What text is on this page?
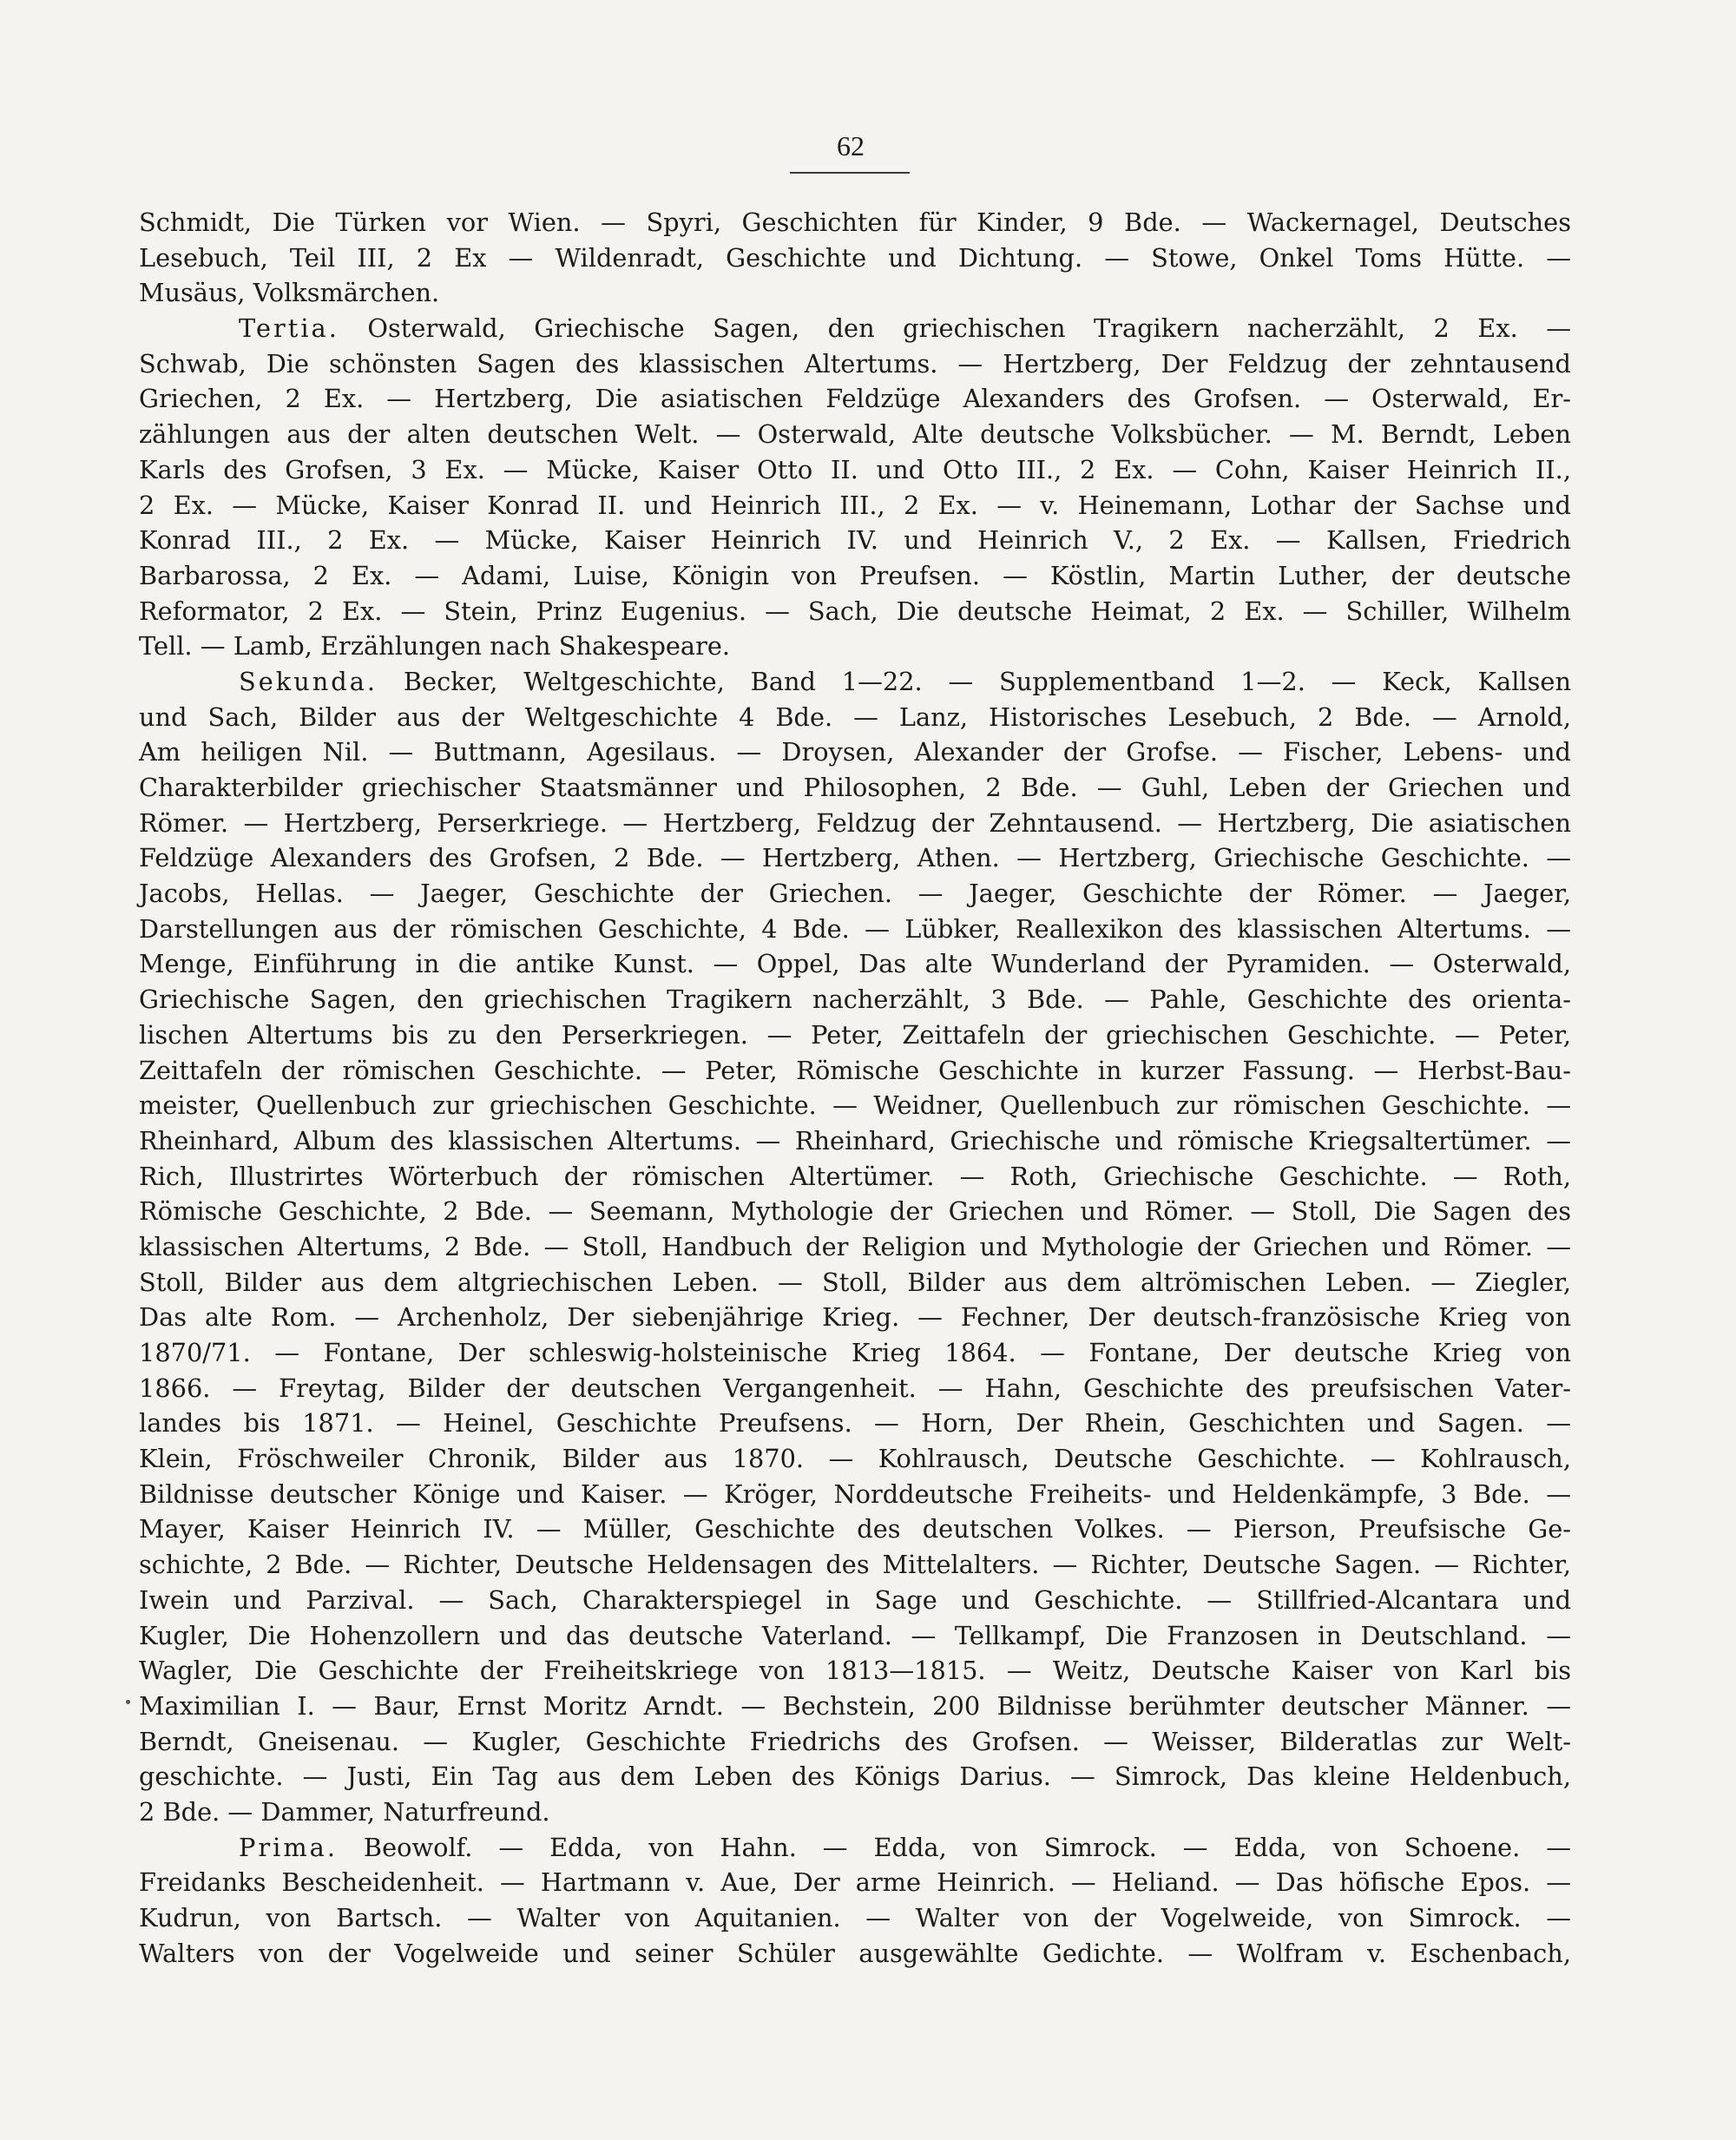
62
Schmidt, Die Türken vor Wien. — Spyri, Geschichten für Kinder, 9 Bde. — Wackernagel, Deutsches
Lesebuch, Teil III, 2 Ex — Wildenradt, Geschichte und Dichtung. — Stowe, Onkel Toms Hütte. —
Musäus, Volksmärchen.
Tertia. Osterwald, Griechische Sagen, den griechischen Tragikern nacherzählt, 2 Ex. —
Schwab, Die schönsten Sagen des klassischen Altertums. — Hertzberg, Der Feldzug der zehntausend
Griechen, 2 Ex. — Hertzberg, Die asiatischen Feldzüge Alexanders des Grofsen. — Osterwald, Er-
zählungen aus der alten deutschen Welt. — Osterwald, Alte deutsche Volksbücher. — M. Berndt, Leben
Karls des Grofsen, 3 Ex. — Mücke, Kaiser Otto II. und Otto III., 2 Ex. — Cohn, Kaiser Heinrich II.,
2 Ex. — Mücke, Kaiser Konrad II. und Heinrich III., 2 Ex. — v. Heinemann, Lothar der Sachse und
Konrad III., 2 Ex. — Mücke, Kaiser Heinrich IV. und Heinrich V., 2 Ex. — Kallsen, Friedrich
Barbarossa, 2 Ex. — Adami, Luise, Königin von Preufsen. — Köstlin, Martin Luther, der deutsche
Reformator, 2 Ex. — Stein, Prinz Eugenius. — Sach, Die deutsche Heimat, 2 Ex. — Schiller, Wilhelm
Tell. — Lamb, Erzählungen nach Shakespeare.
Sekunda. Becker, Weltgeschichte, Band 1—22. — Supplementband 1—2. — Keck, Kallsen
und Sach, Bilder aus der Weltgeschichte 4 Bde. — Lanz, Historisches Lesebuch, 2 Bde. — Arnold,
Am heiligen Nil. — Buttmann, Agesilaus. — Droysen, Alexander der Grofse. — Fischer, Lebens- und
Charakterbilder griechischer Staatsmänner und Philosophen, 2 Bde. — Guhl, Leben der Griechen und
Römer. — Hertzberg, Perserkriege. — Hertzberg, Feldzug der Zehntausend. — Hertzberg, Die asiatischen
Feldzüge Alexanders des Grofsen, 2 Bde. — Hertzberg, Athen. — Hertzberg, Griechische Geschichte. —
Jacobs, Hellas. — Jaeger, Geschichte der Griechen. — Jaeger, Geschichte der Römer. — Jaeger,
Darstellungen aus der römischen Geschichte, 4 Bde. — Lübker, Reallexikon des klassischen Altertums. —
Menge, Einführung in die antike Kunst. — Oppel, Das alte Wunderland der Pyramiden. — Osterwald,
Griechische Sagen, den griechischen Tragikern nacherzählt, 3 Bde. — Pahle, Geschichte des orienta-
lischen Altertums bis zu den Perserkriegen. — Peter, Zeittafeln der griechischen Geschichte. — Peter,
Zeittafeln der römischen Geschichte. — Peter, Römische Geschichte in kurzer Fassung. — Herbst-Bau-
meister, Quellenbuch zur griechischen Geschichte. — Weidner, Quellenbuch zur römischen Geschichte. —
Rheinhard, Album des klassischen Altertums. — Rheinhard, Griechische und römische Kriegsaltertümer. —
Rich, Illustrirtes Wörterbuch der römischen Altertümer. — Roth, Griechische Geschichte. — Roth,
Römische Geschichte, 2 Bde. — Seemann, Mythologie der Griechen und Römer. — Stoll, Die Sagen des
klassischen Altertums, 2 Bde. — Stoll, Handbuch der Religion und Mythologie der Griechen und Römer. —
Stoll, Bilder aus dem altgriechischen Leben. — Stoll, Bilder aus dem altrömischen Leben. — Ziegler,
Das alte Rom. — Archenholz, Der siebenjährige Krieg. — Fechner, Der deutsch-französische Krieg von
1870/71. — Fontane, Der schleswig-holsteinische Krieg 1864. — Fontane, Der deutsche Krieg von
1866. — Freytag, Bilder der deutschen Vergangenheit. — Hahn, Geschichte des preufsischen Vater-
landes bis 1871. — Heinel, Geschichte Preufsens. — Horn, Der Rhein, Geschichten und Sagen. —
Klein, Fröschweiler Chronik, Bilder aus 1870. — Kohlrausch, Deutsche Geschichte. — Kohlrausch,
Bildnisse deutscher Könige und Kaiser. — Kröger, Norddeutsche Freiheits- und Heldenkämpfe, 3 Bde. —
Mayer, Kaiser Heinrich IV. — Müller, Geschichte des deutschen Volkes. — Pierson, Preufsische Ge-
schichte, 2 Bde. — Richter, Deutsche Heldensagen des Mittelalters. — Richter, Deutsche Sagen. — Richter,
Iwein und Parzival. — Sach, Charakterspiegel in Sage und Geschichte. — Stillfried-Alcantara und
Kugler, Die Hohenzollern und das deutsche Vaterland. — Tellkampf, Die Franzosen in Deutschland. —
Wagler, Die Geschichte der Freiheitskriege von 1813—1815. — Weitz, Deutsche Kaiser von Karl bis
Maximilian I. — Baur, Ernst Moritz Arndt. — Bechstein, 200 Bildnisse berühmter deutscher Männer. —
Berndt, Gneisenau. — Kugler, Geschichte Friedrichs des Grofsen. — Weisser, Bilderatlas zur Welt-
geschichte. — Justi, Ein Tag aus dem Leben des Königs Darius. — Simrock, Das kleine Heldenbuch,
2 Bde. — Dammer, Naturfreund.
Prima. Beowolf. — Edda, von Hahn. — Edda, von Simrock. — Edda, von Schoene. —
Freidanks Bescheidenheit. — Hartmann v. Aue, Der arme Heinrich. — Heliand. — Das höfische Epos. —
Kudrun, von Bartsch. — Walter von Aquitanien. — Walter von der Vogelweide, von Simrock. —
Walters von der Vogelweide und seiner Schüler ausgewählte Gedichte. — Wolfram v. Eschenbach,
